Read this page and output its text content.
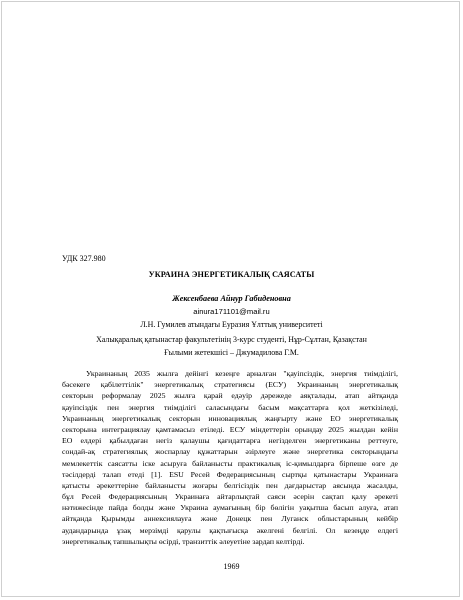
УДК 327.980
УКРАИНА ЭНЕРГЕТИКАЛЫҚ САЯСАТЫ
Жексенбаева Айнур Габиденовна
ainura171101@mail.ru
Л.Н. Гумилев атындағы Еуразия Ұлттық университеті
Халықаралық қатынастар факультетінің 3-курс студенті, Нұр-Сұлтан, Қазақстан
Ғылыми жетекшісі – Джумадилова Г.М.
Украинаның 2035 жылға дейінгі кезеңге арналған "қауіпсіздік, энергия тиімділігі,
бәсекеге қабілеттілік" энергетикалық стратегиясы (ЕСУ) Украинаның энергетикалық
секторын реформалау 2025 жылға қарай едәуір дәрежеде аяқталады, атап айтқанда
қауіпсіздік пен энергия тиімділігі саласындағы басым мақсаттарға қол жеткізіледі,
Украинаның энергетикалық секторын инновациялық жаңғырту және ЕО энергетикалық
секторына интеграциялау қамтамасыз етіледі. ЕСУ міндеттерін орындау 2025 жылдан кейін
ЕО елдері қабылдаған негіз қалаушы қағидаттарға негізделген энергетиканы реттеуге,
сондай-ақ стратегиялық жоспарлау құжаттарын әзірлеуге және энергетика секторындағы
мемлекеттік саясатты іске асыруға байланысты практикалық іс-қимылдарға бірпеше өзге де
тәсілдерді талап етеді [1]. ESU Ресей Федерациясының сыртқы қатынастары Украинаға
қатысты әрекеттеріне байланысты жоғары белгісіздік пен дағдарыстар аясында жасалды,
бұл Ресей Федерациясының Украинаға айтарлықтай саяси әсерін сақтап қалу әрекеті
нәтижесінде пайда болды және Украина аумағының бір бөлігін уақытша басып алуға, атап
айтқанда Қырымды аннексиялауға және Донецк пен Луганск облыстарының кейбір
аудандарында ұзақ мерзімді қарулы қақтығысқа әкелгені белгілі. Ол кезеңде елдегі
энергетикалық тапшылықты өсірді, транзиттік әлеуетіне зардап келтірді.
1969
